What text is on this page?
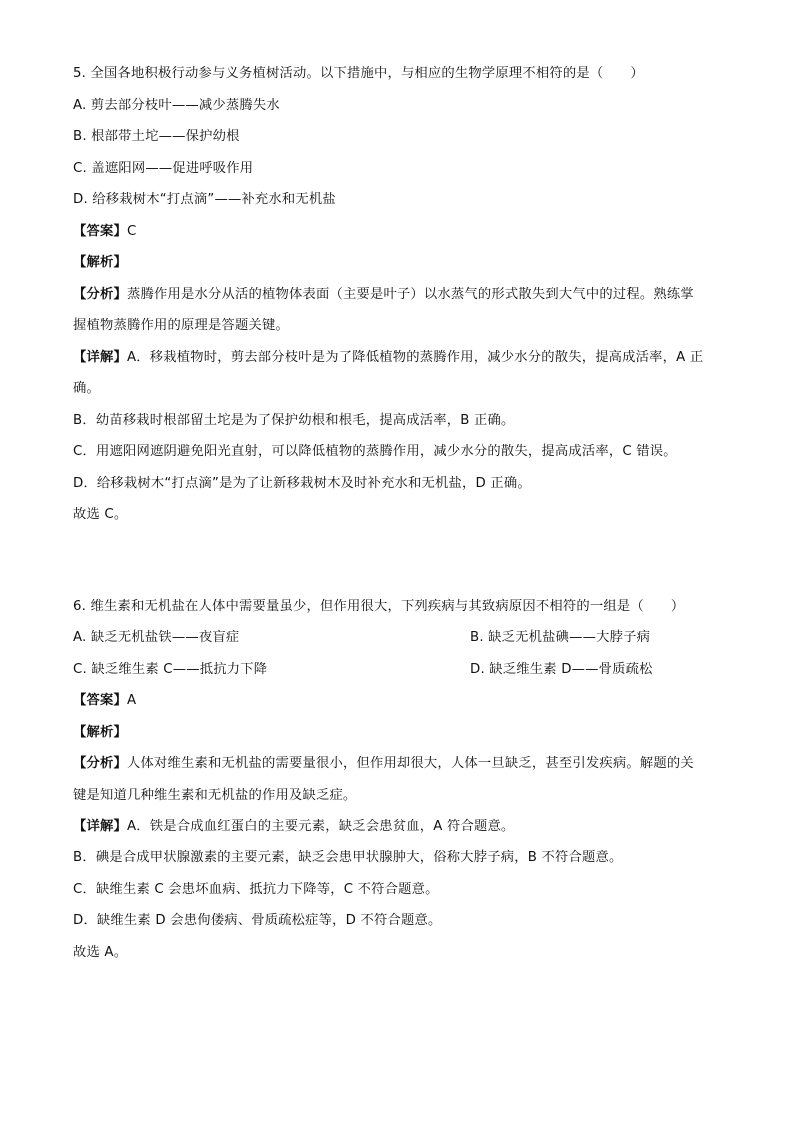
5. 全国各地积极行动参与义务植树活动。以下措施中，与相应的生物学原理不相符的是（　　）
A. 剪去部分枝叶——减少蒸腾失水
B. 根部带土坨——保护幼根
C. 盖遮阳网——促进呼吸作用
D. 给移栽树木“打点滴”——补充水和无机盐
【答案】C
【解析】
【分析】蒸腾作用是水分从活的植物体表面（主要是叶子）以水蒸气的形式散失到大气中的过程。熟练掌
握植物蒸腾作用的原理是答题关键。
【详解】A．移栽植物时，剪去部分枝叶是为了降低植物的蒸腾作用，减少水分的散失，提高成活率，A 正
确。
B．幼苗移栽时根部留土坨是为了保护幼根和根毛，提高成活率，B 正确。
C．用遮阳网遮阴避免阳光直射，可以降低植物的蒸腾作用，减少水分的散失，提高成活率，C 错误。
D．给移栽树木“打点滴”是为了让新移栽树木及时补充水和无机盐，D 正确。
故选 C。
6. 维生素和无机盐在人体中需要量虽少，但作用很大，下列疾病与其致病原因不相符的一组是（　　）
A. 缺乏无机盐铁——夜盲症	B. 缺乏无机盐碘——大脖子病
C. 缺乏维生素 C——抵抗力下降	D. 缺乏维生素 D——骨质疏松
【答案】A
【解析】
【分析】人体对维生素和无机盐的需要量很小，但作用却很大，人体一旦缺乏，甚至引发疾病。解题的关
键是知道几种维生素和无机盐的作用及缺乏症。
【详解】A．铁是合成血红蛋白的主要元素，缺乏会患贫血，A 符合题意。
B．碘是合成甲状腺激素的主要元素，缺乏会患甲状腺肿大，俗称大脖子病，B 不符合题意。
C．缺维生素 C 会患坏血病、抵抗力下降等，C 不符合题意。
D．缺维生素 D 会患佝偻病、骨质疏松症等，D 不符合题意。
故选 A。
